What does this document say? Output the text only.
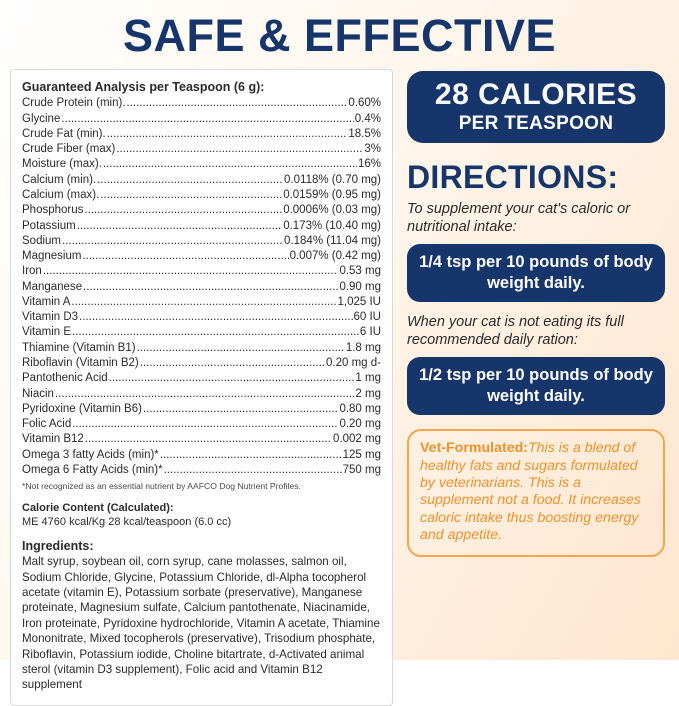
SAFE & EFFECTIVE
Guaranteed Analysis per Teaspoon (6 g):
Crude Protein (min). .....	0.60%
Glycine .....	0.4%
Crude Fat (min). .....	18.5%
Crude Fiber (max) .....	3%
Moisture (max). .....	16%
Calcium (min). .....	0.0118% (0.70 mg)
Calcium (max). .....	0.0159% (0.95 mg)
Phosphorus .....	0.0006% (0.03 mg)
Potassium .....	0.173% (10.40 mg)
Sodium .....	0.184% (11.04 mg)
Magnesium .....	0.007% (0.42 mg)
Iron .....	0.53 mg
Manganese .....	0.90 mg
Vitamin A .....	1,025 IU
Vitamin D3 .....	60 IU
Vitamin E .....	6 IU
Thiamine (Vitamin B1) .....	1.8 mg
Riboflavin (Vitamin B2) .....	0.20 mg d-
Pantothenic Acid .....	1 mg
Niacin .....	2 mg
Pyridoxine (Vitamin B6) .....	0.80 mg
Folic Acid .....	0.20 mg
Vitamin B12 .....	0.002 mg
Omega 3 fatty Acids (min)* .....	125 mg
Omega 6 Fatty Acids (min)* .....	750 mg
*Not recognized as an essential nutrient by AAFCO Dog Nutrient Profiles.
Calorie Content (Calculated):
ME 4760 kcal/Kg 28 kcal/teaspoon (6.0 cc)
Ingredients:
Malt syrup, soybean oil, corn syrup, cane molasses, salmon oil, Sodium Chloride, Glycine, Potassium Chloride, dl-Alpha tocopherol acetate (vitamin E), Potassium sorbate (preservative), Manganese proteinate, Magnesium sulfate, Calcium pantothenate, Niacinamide, Iron proteinate, Pyridoxine hydrochloride, Vitamin A acetate, Thiamine Mononitrate, Mixed tocopherols (preservative), Trisodium phosphate, Riboflavin, Potassium iodide, Choline bitartrate, d-Activated animal sterol (vitamin D3 supplement), Folic acid and Vitamin B12 supplement
28 CALORIES
PER TEASPOON
DIRECTIONS:
To supplement your cat's caloric or nutritional intake:
1/4 tsp per 10 pounds of body weight daily.
When your cat is not eating its full recommended daily ration:
1/2 tsp per 10 pounds of body weight daily.
Vet-Formulated:This is a blend of healthy fats and sugars formulated by veterinarians. This is a supplement not a food. It increases caloric intake thus boosting energy and appetite.
